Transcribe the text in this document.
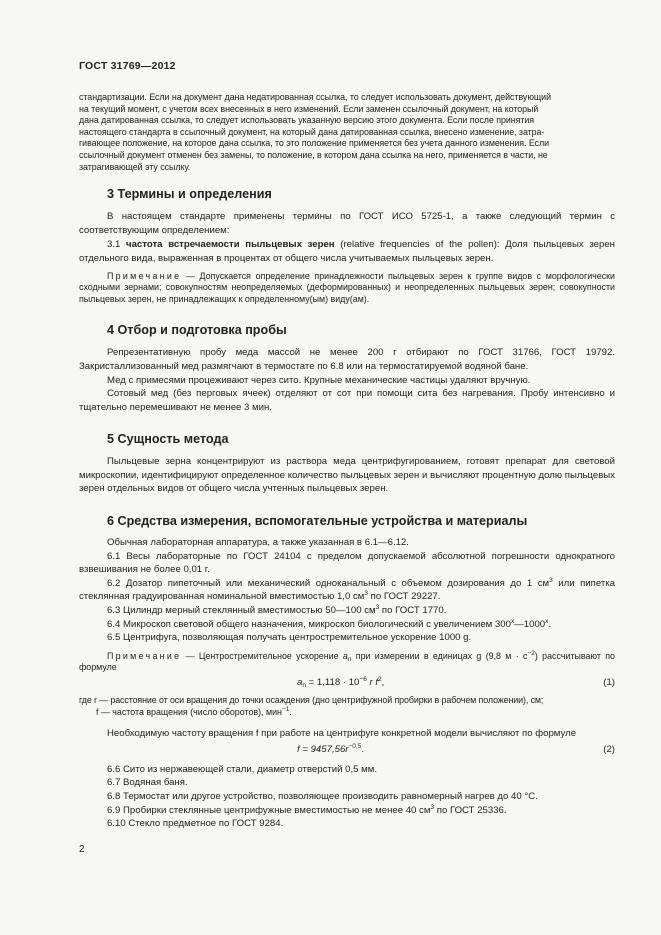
ГОСТ 31769—2012
стандартизации. Если на документ дана недатированная ссылка, то следует использовать документ, действующий
на текущий момент, с учетом всех внесенных в него изменений. Если заменен ссылочный документ, на который
дана датированная ссылка, то следует использовать указанную версию этого документа. Если после принятия
настоящего стандарта в ссылочный документ, на который дана датированная ссылка, внесено изменение, затра-
гивающее положение, на которое дана ссылка, то это положение применяется без учета данного изменения. Если
ссылочный документ отменен без замены, то положение, в котором дана ссылка на него, применяется в части, не
затрагивающей эту ссылку.
3 Термины и определения

В настоящем стандарте применены термины по ГОСТ ИСО 5725-1, а также следующий термин с соответствующим определением:

3.1 частота встречаемости пыльцевых зерен (relative frequencies of the pollen): Доля пыльцевых зерен отдельного вида, выраженная в процентах от общего числа учитываемых пыльцевых зерен.

Примечание — Допускается определение принадлежности пыльцевых зерен к группе видов с морфологически сходными зернами; совокупностям неопределяемых (деформированных) и неопределенных пыльцевых зерен; совокупности пыльцевых зерен, не принадлежащих к определенному(ым) виду(ам).

4 Отбор и подготовка пробы

Репрезентативную пробу меда массой не менее 200 г отбирают по ГОСТ 31766, ГОСТ 19792. Закристаллизованный мед размягчают в термостате по 6.8 или на термостатируемой водяной бане.

Мед с примесями процеживают через сито. Крупные механические частицы удаляют вручную.

Сотовый мед (без перговых ячеек) отделяют от сот при помощи сита без нагревания. Пробу интенсивно и тщательно перемешивают не менее 3 мин.

5 Сущность метода

Пыльцевые зерна концентрируют из раствора меда центрифугированием, готовят препарат для световой микроскопии, идентифицируют определенное количество пыльцевых зерен и вычисляют процентную долю пыльцевых зерен отдельных видов от общего числа учтенных пыльцевых зерен.

6 Средства измерения, вспомогательные устройства и материалы

Обычная лабораторная аппаратура, а также указанная в 6.1—6.12.

6.1 Весы лабораторные по ГОСТ 24104 с пределом допускаемой абсолютной погрешности однократного взвешивания не более 0,01 г.

6.2 Дозатор пипеточный или механический одноканальный с объемом дозирования до 1 $см^3$ или пипетка стеклянная градуированная номинальной вместимостью 1,0 $см^3$ по ГОСТ 29227.

6.3 Цилиндр мерный стеклянный вместимостью 50—100 $см^3$ по ГОСТ 1770.

6.4 Микроскоп световой общего назначения, микроскоп биологический с увеличением $300^х—1000^х$.

6.5 Центрифуга, позволяющая получать центростремительное ускорение 1000 g.

Примечание — Центростремительное ускорение $a_n$ при измерении в единицах g (9,8 $м \cdot с^{-2}$) рассчитывают по формуле

$a_n = 1,118 \cdot 10^{-6}$ r $f^2$,	(1)

где r — расстояние от оси вращения до точки осаждения (дно центрифужной пробирки в рабочем положении), см;

f — частота вращения (число оборотов), мин$^{-1}$.

Необходимую частоту вращения f при работе на центрифуге конкретной модели вычисляют по формуле

$f = 9457,56r^{-0,5}$.	(2)

6.6 Сито из нержавеющей стали, диаметр отверстий 0,5 мм.

6.7 Водяная баня.

6.8 Термостат или другое устройство, позволяющее производить равномерный нагрев до 40 °С.

6.9 Пробирки стеклянные центрифужные вместимостью не менее 40 $см^3$ по ГОСТ 25336.

6.10 Стекло предметное по ГОСТ 9284.

2
